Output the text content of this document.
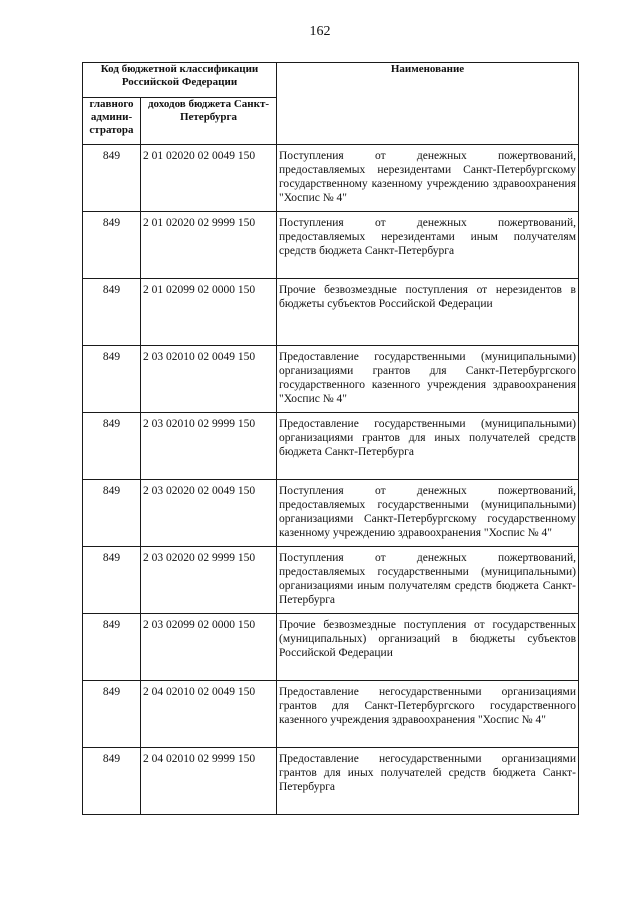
162
Код бюджетной классификации Российской Федерации		Наименование
главного админи-стратора	доходов бюджета Санкт-Петербурга	
849	2 01 02020 02 0049 150	Поступления от денежных пожертвований, предоставляемых нерезидентами Санкт-Петербургскому государственному казенному учреждению здравоохранения "Хоспис № 4"
849	2 01 02020 02 9999 150	Поступления от денежных пожертвований, предоставляемых нерезидентами иным получателям средств бюджета Санкт-Петербурга
849	2 01 02099 02 0000 150	Прочие безвозмездные поступления от нерезидентов в бюджеты субъектов Российской Федерации
849	2 03 02010 02 0049 150	Предоставление государственными (муниципальными) организациями грантов для Санкт-Петербургского государственного казенного учреждения здравоохранения "Хоспис № 4"
849	2 03 02010 02 9999 150	Предоставление государственными (муниципальными) организациями грантов для иных получателей средств бюджета Санкт-Петербурга
849	2 03 02020 02 0049 150	Поступления от денежных пожертвований, предоставляемых государственными (муниципальными) организациями Санкт-Петербургскому государственному казенному учреждению здравоохранения "Хоспис № 4"
849	2 03 02020 02 9999 150	Поступления от денежных пожертвований, предоставляемых государственными (муниципальными) организациями иным получателям средств бюджета Санкт-Петербурга
849	2 03 02099 02 0000 150	Прочие безвозмездные поступления от государственных (муниципальных) организаций в бюджеты субъектов Российской Федерации
849	2 04 02010 02 0049 150	Предоставление негосударственными организациями грантов для Санкт-Петербургского государственного казенного учреждения здравоохранения "Хоспис № 4"
849	2 04 02010 02 9999 150	Предоставление негосударственными организациями грантов для иных получателей средств бюджета Санкт-Петербурга
